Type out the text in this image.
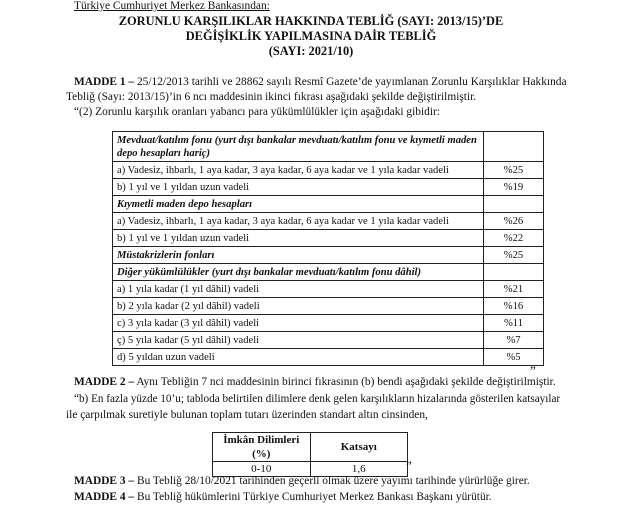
Türkiye Cumhuriyet Merkez Bankasından:
ZORUNLU KARŞILIKLAR HAKKINDA TEBLİĞ (SAYI: 2013/15)’DE
DEĞİŞİKLİK YAPILMASINA DAİR TEBLİĞ
(SAYI: 2021/10)
MADDE 1 – 25/12/2013 tarihli ve 28862 sayılı Resmî Gazete’de yayımlanan Zorunlu Karşılıklar Hakkında
Tebliğ (Sayı: 2013/15)’in 6 ncı maddesinin ikinci fıkrası aşağıdaki şekilde değiştirilmiştir.
“(2) Zorunlu karşılık oranları yabancı para yükümlülükler için aşağıdaki gibidir:
Mevduat/katılım fonu (yurt dışı bankalar mevduatı/katılım fonu ve kıymetli maden depo hesapları hariç)	
a) Vadesiz, ihbarlı, 1 aya kadar, 3 aya kadar, 6 aya kadar ve 1 yıla kadar vadeli	%25
b) 1 yıl ve 1 yıldan uzun vadeli	%19
Kıymetli maden depo hesapları	
a) Vadesiz, ihbarlı, 1 aya kadar, 3 aya kadar, 6 aya kadar ve 1 yıla kadar vadeli	%26
b) 1 yıl ve 1 yıldan uzun vadeli	%22
Müstakrizlerin fonları	%25
Diğer yükümlülükler (yurt dışı bankalar mevduatı/katılım fonu dâhil)	
a) 1 yıla kadar (1 yıl dâhil) vadeli	%21
b) 2 yıla kadar (2 yıl dâhil) vadeli	%16
c) 3 yıla kadar (3 yıl dâhil) vadeli	%11
ç) 5 yıla kadar (5 yıl dâhil) vadeli	%7
d) 5 yıldan uzun vadeli	%5
”
MADDE 2 – Aynı Tebliğin 7 nci maddesinin birinci fıkrasının (b) bendi aşağıdaki şekilde değiştirilmiştir.
“b) En fazla yüzde 10’u; tabloda belirtilen dilimlere denk gelen karşılıkların hizalarında gösterilen katsayılar
ile çarpılmak suretiyle bulunan toplam tutarı üzerinden standart altın cinsinden,
İmkân Dilimleri (%)	Katsayı
0-10	1,6	”
MADDE 3 – Bu Tebliğ 28/10/2021 tarihinden geçerli olmak üzere yayımı tarihinde yürürlüğe girer.
MADDE 4 – Bu Tebliğ hükümlerini Türkiye Cumhuriyet Merkez Bankası Başkanı yürütür.
